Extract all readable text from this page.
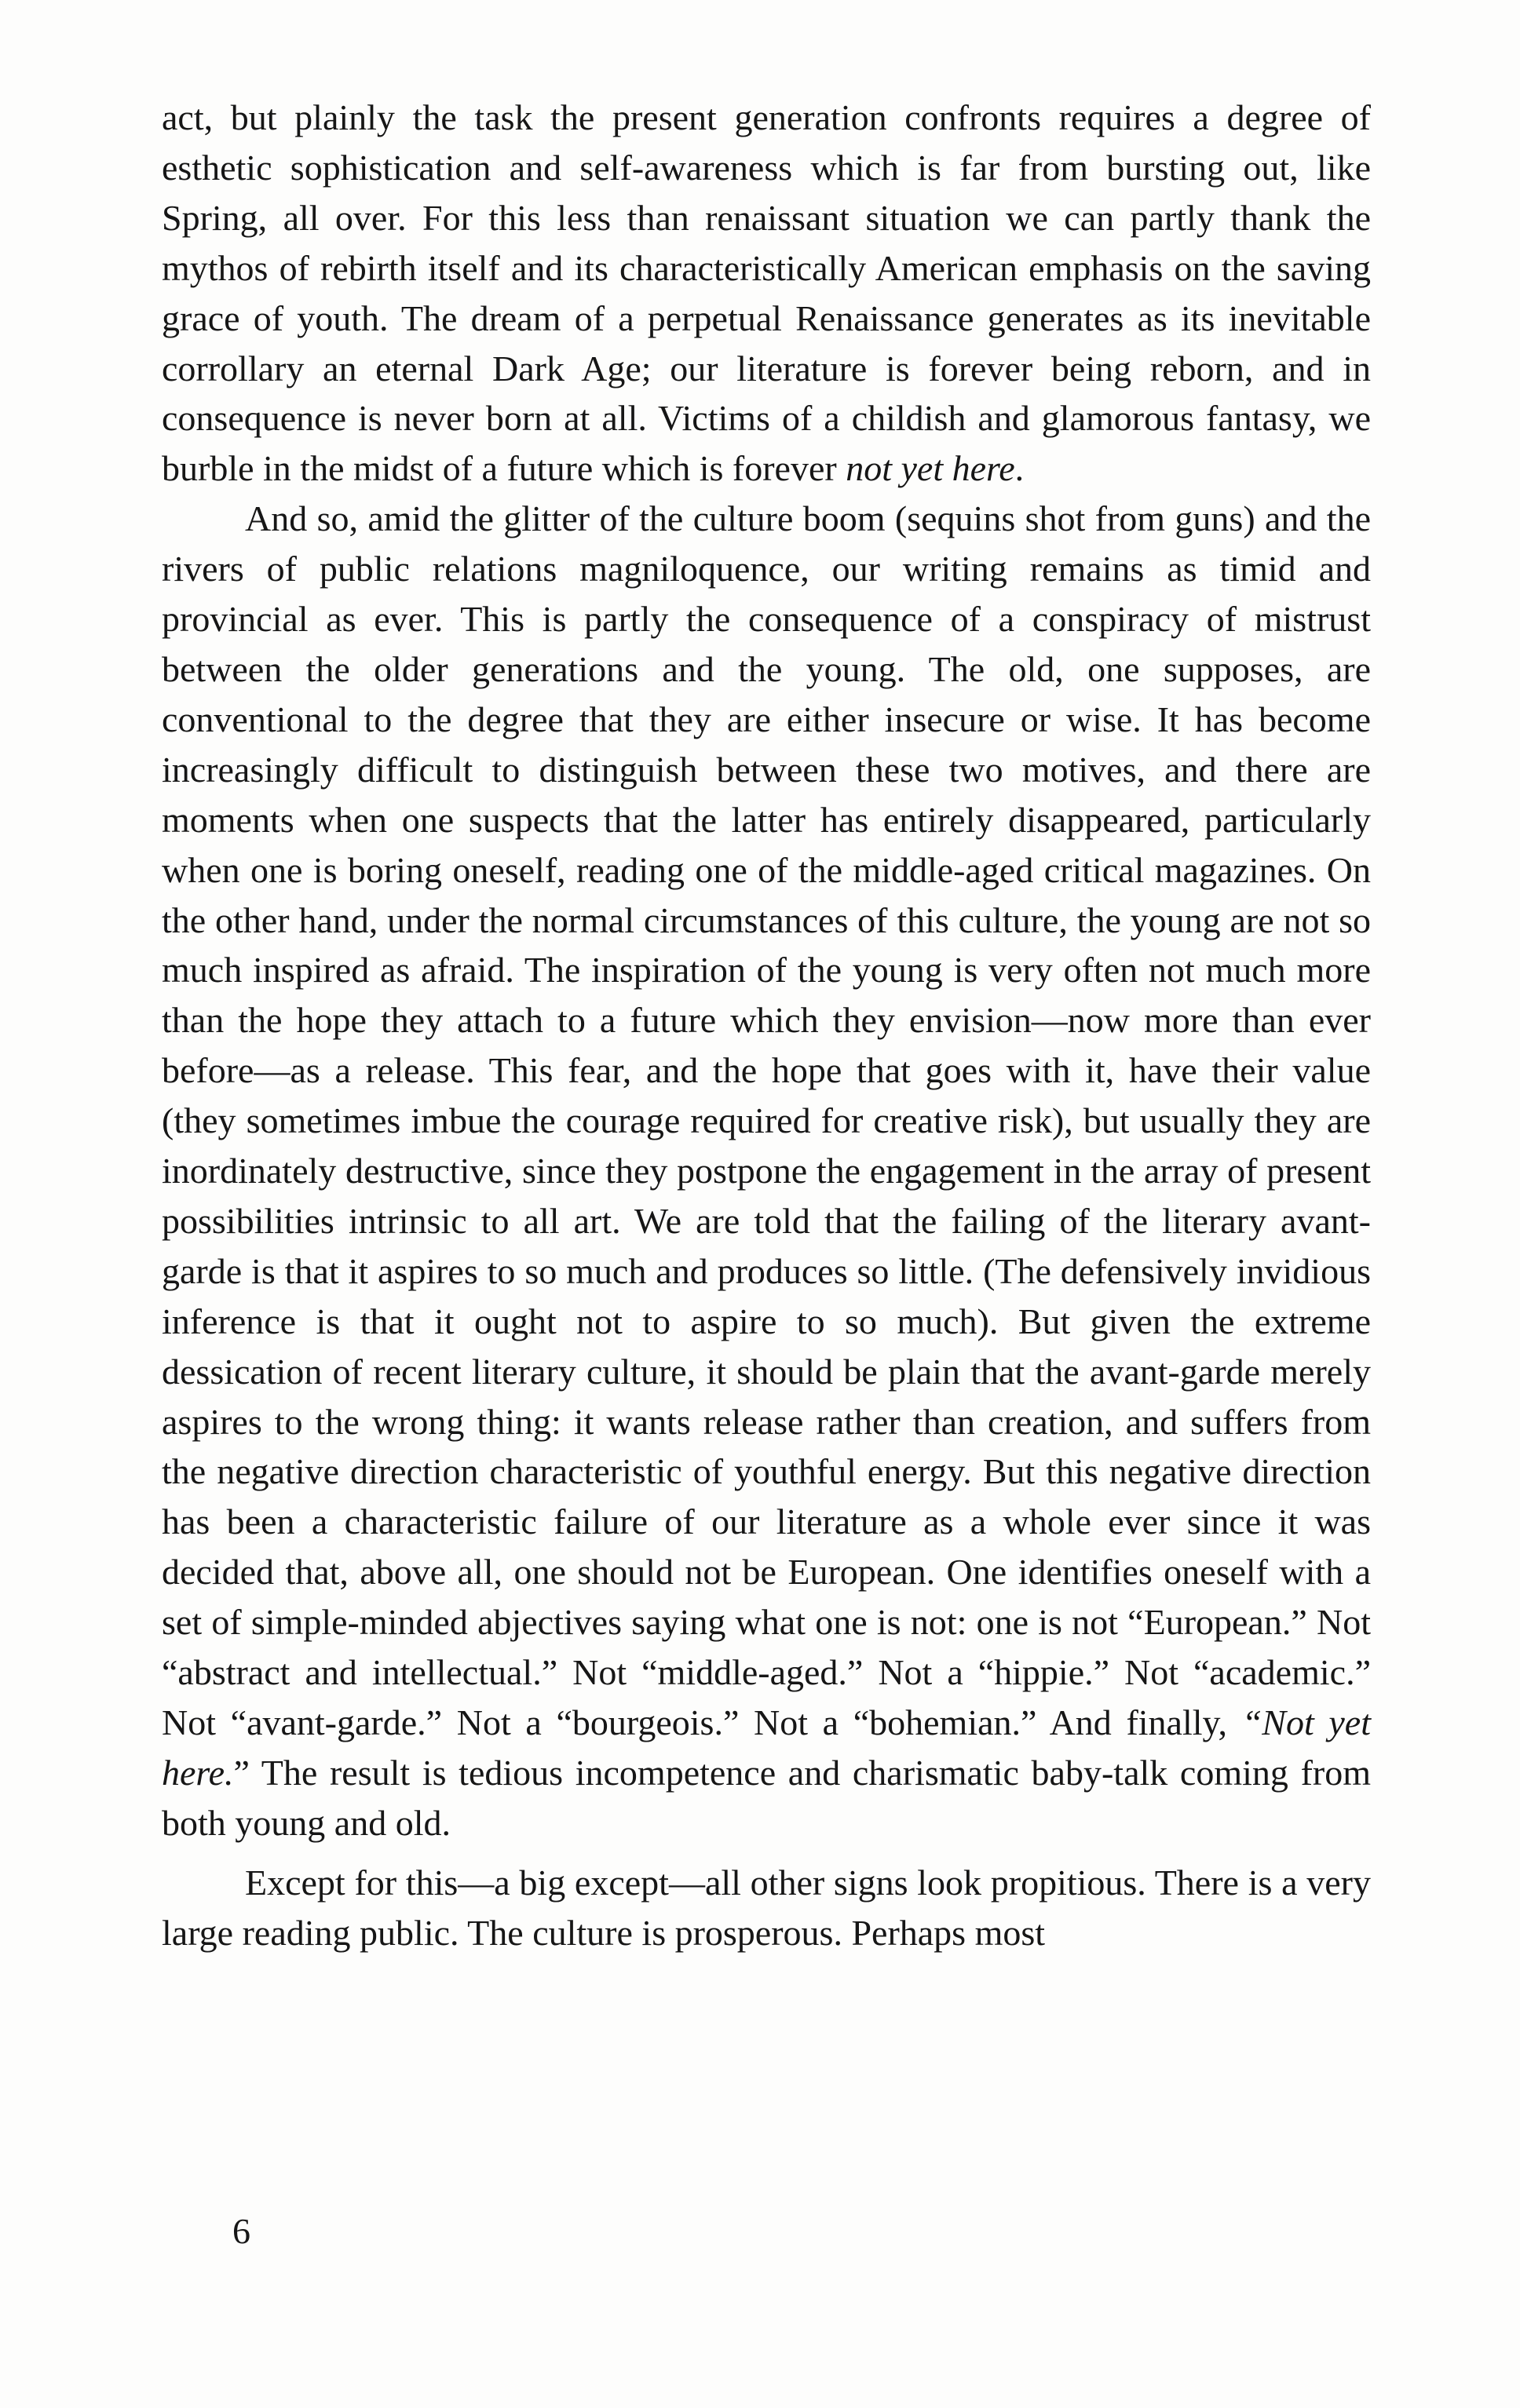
act, but plainly the task the present generation confronts requires a degree of esthetic sophistication and self-awareness which is far from bursting out, like Spring, all over. For this less than renaissant situation we can partly thank the mythos of rebirth itself and its characteristically American emphasis on the saving grace of youth. The dream of a perpetual Renaissance generates as its inevitable corrollary an eternal Dark Age; our literature is forever being reborn, and in consequence is never born at all. Victims of a childish and glamorous fantasy, we burble in the midst of a future which is forever not yet here.

And so, amid the glitter of the culture boom (sequins shot from guns) and the rivers of public relations magniloquence, our writing remains as timid and provincial as ever. This is partly the consequence of a conspiracy of mistrust between the older generations and the young. The old, one supposes, are conventional to the degree that they are either insecure or wise. It has become increasingly difficult to distinguish between these two motives, and there are moments when one suspects that the latter has entirely disappeared, particularly when one is boring oneself, reading one of the middle-aged critical magazines. On the other hand, under the normal circumstances of this culture, the young are not so much inspired as afraid. The inspiration of the young is very often not much more than the hope they attach to a future which they envision—now more than ever before—as a release. This fear, and the hope that goes with it, have their value (they sometimes imbue the courage required for creative risk), but usually they are inordinately destructive, since they postpone the engagement in the array of present possibilities intrinsic to all art. We are told that the failing of the literary avant-garde is that it aspires to so much and produces so little. (The defensively invidious inference is that it ought not to aspire to so much). But given the extreme dessication of recent literary culture, it should be plain that the avant-garde merely aspires to the wrong thing: it wants release rather than creation, and suffers from the negative direction characteristic of youthful energy. But this negative direction has been a characteristic failure of our literature as a whole ever since it was decided that, above all, one should not be European. One identifies oneself with a set of simple-minded abjectives saying what one is not: one is not “European.” Not “abstract and intellectual.” Not “middle-aged.” Not a “hippie.” Not “academic.” Not “avant-garde.” Not a “bourgeois.” Not a “bohemian.” And finally, “Not yet here.” The result is tedious incompetence and charismatic baby-talk coming from both young and old.

Except for this—a big except—all other signs look propitious. There is a very large reading public. The culture is prosperous. Perhaps most

6
